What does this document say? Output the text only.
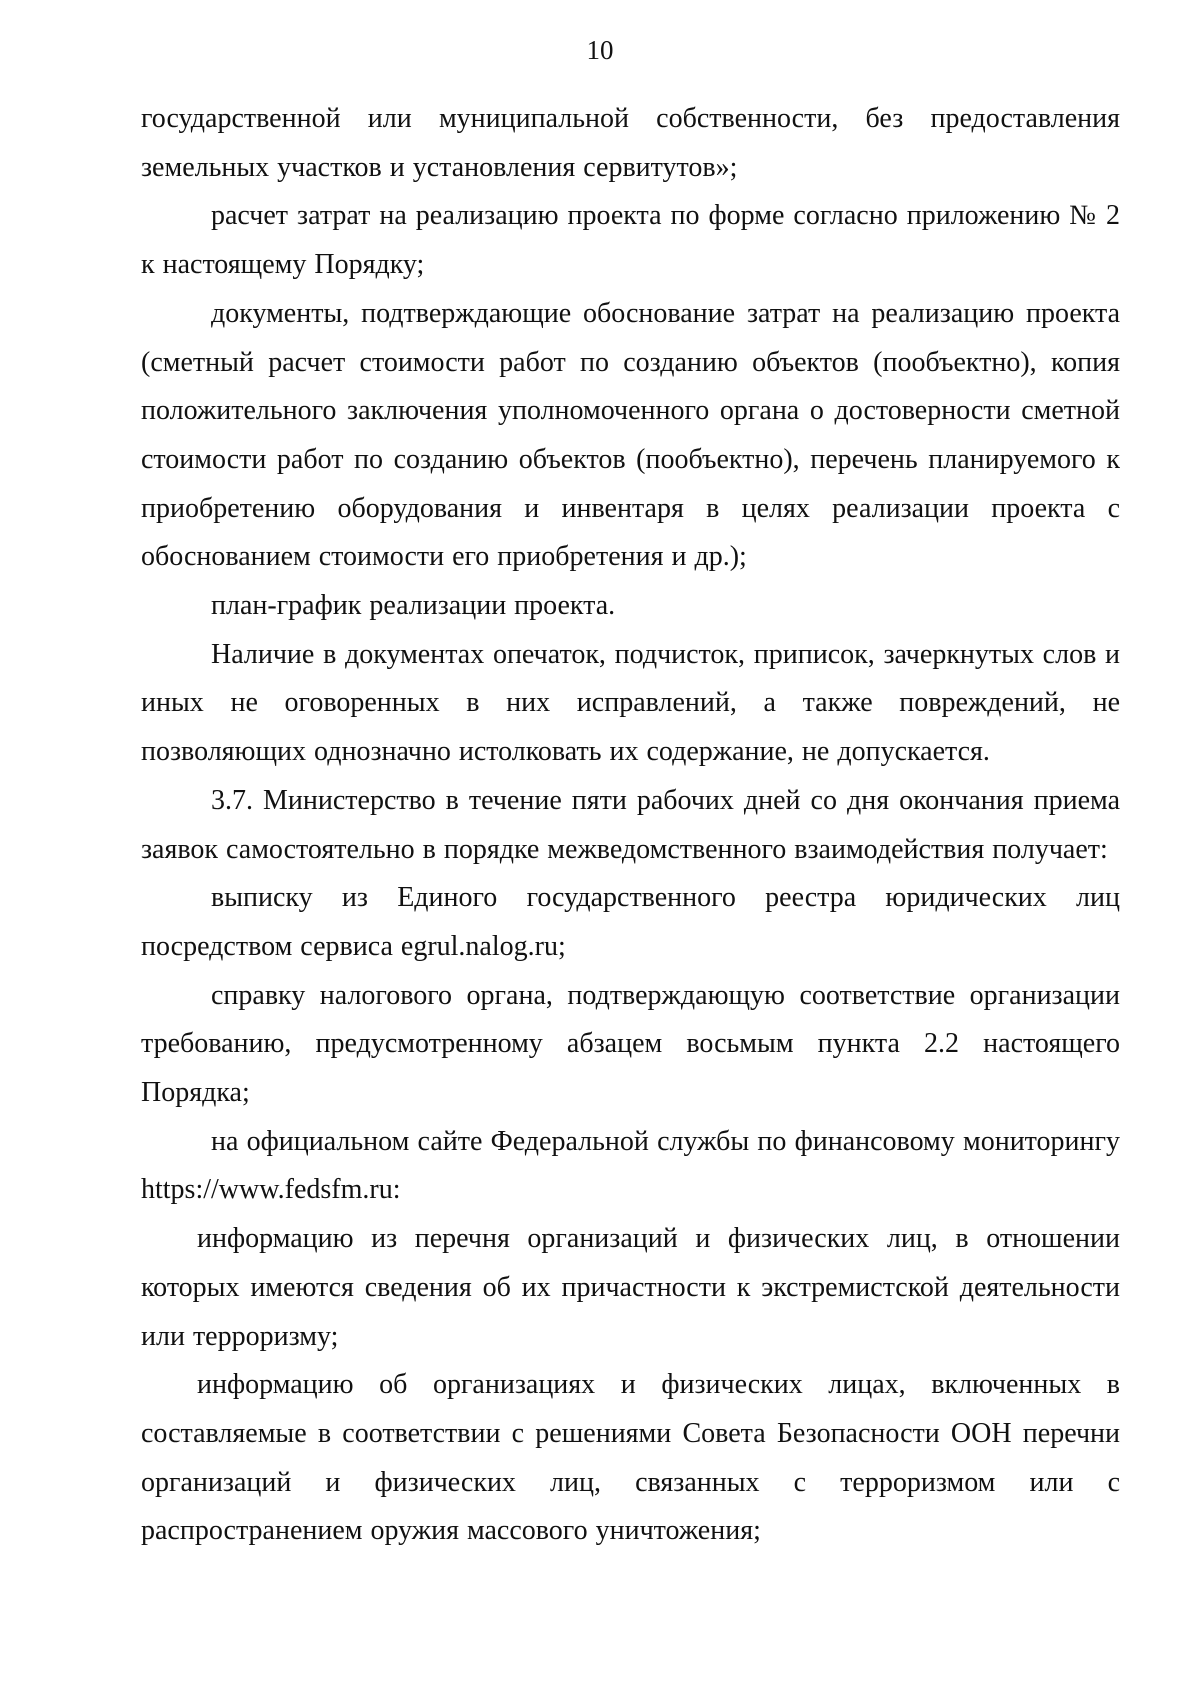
10

государственной или муниципальной собственности, без предоставления земельных участков и установления сервитутов»;

расчет затрат на реализацию проекта по форме согласно приложению № 2 к настоящему Порядку;

документы, подтверждающие обоснование затрат на реализацию проекта (сметный расчет стоимости работ по созданию объектов (пообъектно), копия положительного заключения уполномоченного органа о достоверности сметной стоимости работ по созданию объектов (пообъектно), перечень планируемого к приобретению оборудования и инвентаря в целях реализации проекта с обоснованием стоимости его приобретения и др.);

план-график реализации проекта.

Наличие в документах опечаток, подчисток, приписок, зачеркнутых слов и иных не оговоренных в них исправлений, а также повреждений, не позволяющих однозначно истолковать их содержание, не допускается.

3.7. Министерство в течение пяти рабочих дней со дня окончания приема заявок самостоятельно в порядке межведомственного взаимодействия получает:

выписку из Единого государственного реестра юридических лиц посредством сервиса egrul.nalog.ru;

справку налогового органа, подтверждающую соответствие организации требованию, предусмотренному абзацем восьмым пункта 2.2 настоящего Порядка;

на официальном сайте Федеральной службы по финансовому мониторингу https://www.fedsfm.ru:

информацию из перечня организаций и физических лиц, в отношении которых имеются сведения об их причастности к экстремистской деятельности или терроризму;

информацию об организациях и физических лицах, включенных в составляемые в соответствии с решениями Совета Безопасности ООН перечни организаций и физических лиц, связанных с терроризмом или с распространением оружия массового уничтожения;
